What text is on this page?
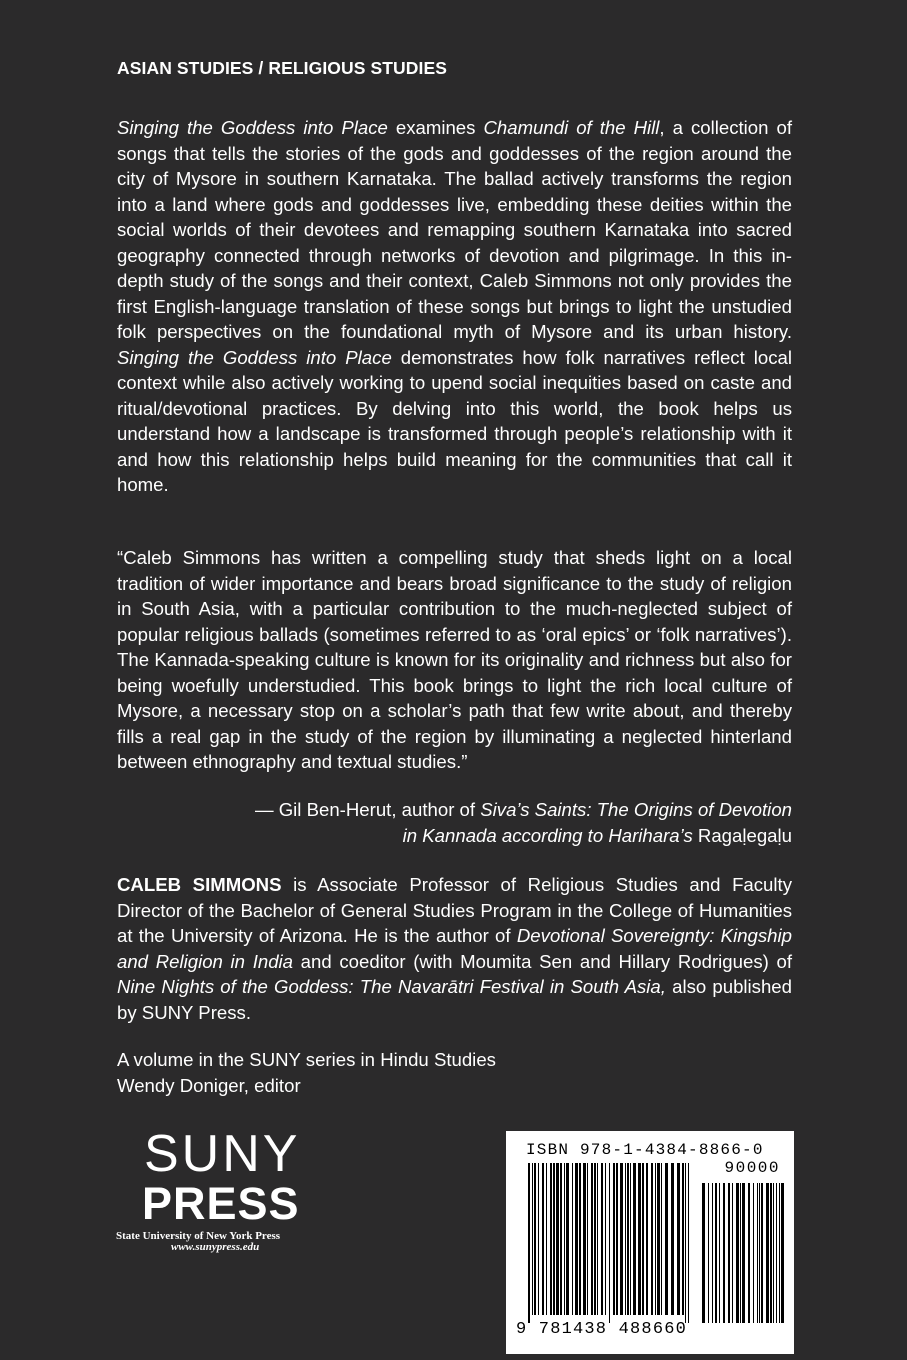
ASIAN STUDIES / RELIGIOUS STUDIES

Singing the Goddess into Place examines Chamundi of the Hill, a collection of songs that tells the stories of the gods and goddesses of the region around the city of Mysore in southern Karnataka. The ballad actively transforms the region into a land where gods and goddesses live, embedding these deities within the social worlds of their devotees and remapping southern Karnataka into sacred geography connected through networks of devotion and pilgrimage. In this in-depth study of the songs and their context, Caleb Simmons not only provides the first English-language translation of these songs but brings to light the unstudied folk perspectives on the foundational myth of Mysore and its urban history. Singing the Goddess into Place demonstrates how folk narratives reflect local context while also actively working to upend social inequities based on caste and ritual/devotional practices. By delving into this world, the book helps us understand how a landscape is transformed through people’s relationship with it and how this relationship helps build meaning for the communities that call it home.

“Caleb Simmons has written a compelling study that sheds light on a local tradition of wider importance and bears broad significance to the study of religion in South Asia, with a particular contribution to the much-neglected subject of popular religious ballads (sometimes referred to as ‘oral epics’ or ‘folk narratives’). The Kannada-speaking culture is known for its originality and richness but also for being woefully understudied. This book brings to light the rich local culture of Mysore, a necessary stop on a scholar’s path that few write about, and thereby fills a real gap in the study of the region by illuminating a neglected hinterland between ethnography and textual studies.”

— Gil Ben-Herut, author of Siva’s Saints: The Origins of Devotion
in Kannada according to Harihara’s Ragaḷegaḷu

CALEB SIMMONS is Associate Professor of Religious Studies and Faculty Director of the Bachelor of General Studies Program in the College of Humanities at the University of Arizona. He is the author of Devotional Sovereignty: Kingship and Religion in India and coeditor (with Moumita Sen and Hillary Rodrigues) of Nine Nights of the Goddess: The Navarātri Festival in South Asia, also published by SUNY Press.

A volume in the SUNY series in Hindu Studies
Wendy Doniger, editor
SUNY
PRESS
State University of New York Press
www.sunypress.edu
ISBN 978-1-4384-8866-0
90000
9 781438 488660
